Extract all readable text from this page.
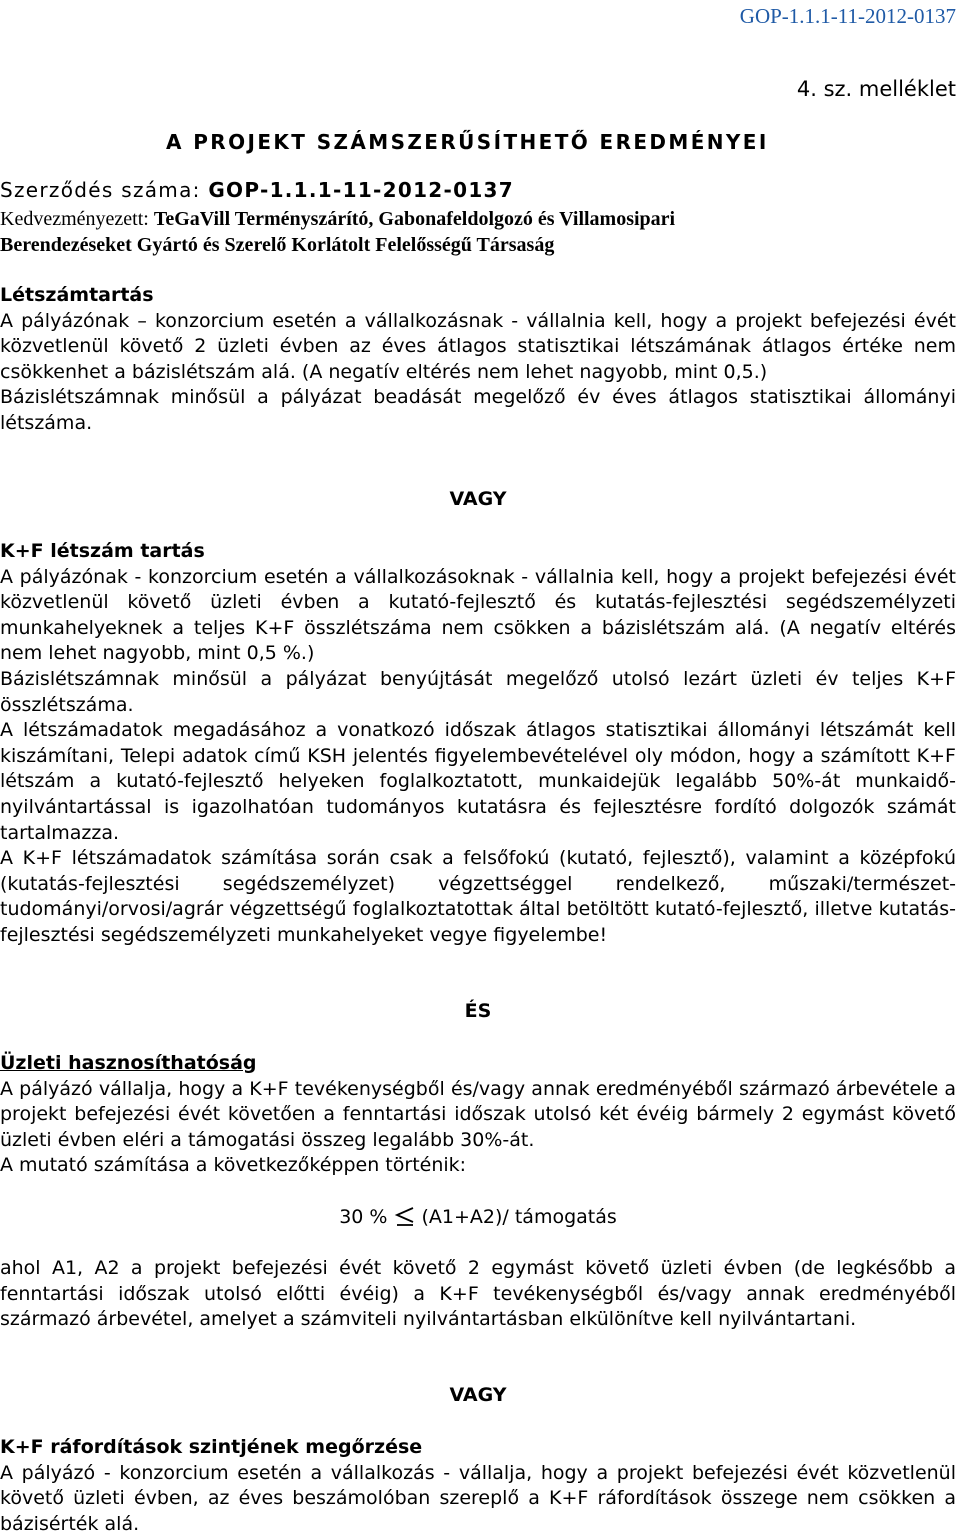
GOP-1.1.1-11-2012-0137
4. sz. melléklet
A PROJEKT SZÁMSZERŰSÍTHETŐ EREDMÉNYEI
Szerződés száma: GOP-1.1.1-11-2012-0137
Kedvezményezett: TeGaVill Terményszárító, Gabonafeldolgozó és Villamosipari
Berendezéseket Gyártó és Szerelő Korlátolt Felelősségű Társaság
Létszámtartás

A pályázónak – konzorcium esetén a vállalkozásnak - vállalnia kell, hogy a projekt befejezési évét közvetlenül követő 2 üzleti évben az éves átlagos statisztikai létszámának átlagos értéke nem csökkenhet a bázislétszám alá. (A negatív eltérés nem lehet nagyobb, mint 0,5.)

Bázislétszámnak minősül a pályázat beadását megelőző év éves átlagos statisztikai állományi létszáma.

VAGY
K+F létszám tartás

A pályázónak - konzorcium esetén a vállalkozásoknak - vállalnia kell, hogy a projekt befejezési évét közvetlenül követő üzleti évben a kutató-fejlesztő és kutatás-fejlesztési segédszemélyzeti munkahelyeknek a teljes K+F összlétszáma nem csökken a bázislétszám alá. (A negatív eltérés nem lehet nagyobb, mint 0,5 %.)

Bázislétszámnak minősül a pályázat benyújtását megelőző utolsó lezárt üzleti év teljes K+F összlétszáma.

A létszámadatok megadásához a vonatkozó időszak átlagos statisztikai állományi létszámát kell kiszámítani, Telepi adatok című KSH jelentés figyelembevételével oly módon, hogy a számított K+F létszám a kutató-fejlesztő helyeken foglalkoztatott, munkaidejük legalább 50%-át munkaidő-nyilvántartással is igazolhatóan tudományos kutatásra és fejlesztésre fordító dolgozók számát tartalmazza.

A K+F létszámadatok számítása során csak a felsőfokú (kutató, fejlesztő), valamint a középfokú (kutatás-fejlesztési segédszemélyzet) végzettséggel rendelkező, műszaki/természet-tudományi/orvosi/agrár végzettségű foglalkoztatottak által betöltött kutató-fejlesztő, illetve kutatás-fejlesztési segédszemélyzeti munkahelyeket vegye figyelembe!

ÉS
Üzleti hasznosíthatóság

A pályázó vállalja, hogy a K+F tevékenységből és/vagy annak eredményéből származó árbevétele a projekt befejezési évét követően a fenntartási időszak utolsó két évéig bármely 2 egymást követő üzleti évben eléri a támogatási összeg legalább 30%-át.

A mutató számítása a következőképpen történik:

30 % (A1+A2)/ támogatás

ahol A1, A2 a projekt befejezési évét követő 2 egymást követő üzleti évben (de legkésőbb a fenntartási időszak utolsó előtti évéig) a K+F tevékenységből és/vagy annak eredményéből származó árbevétel, amelyet a számviteli nyilvántartásban elkülönítve kell nyilvántartani.

VAGY
K+F ráfordítások szintjének megőrzése

A pályázó - konzorcium esetén a vállalkozás - vállalja, hogy a projekt befejezési évét közvetlenül követő üzleti évben, az éves beszámolóban szereplő a K+F ráfordítások összege nem csökken a bázisérték alá.
